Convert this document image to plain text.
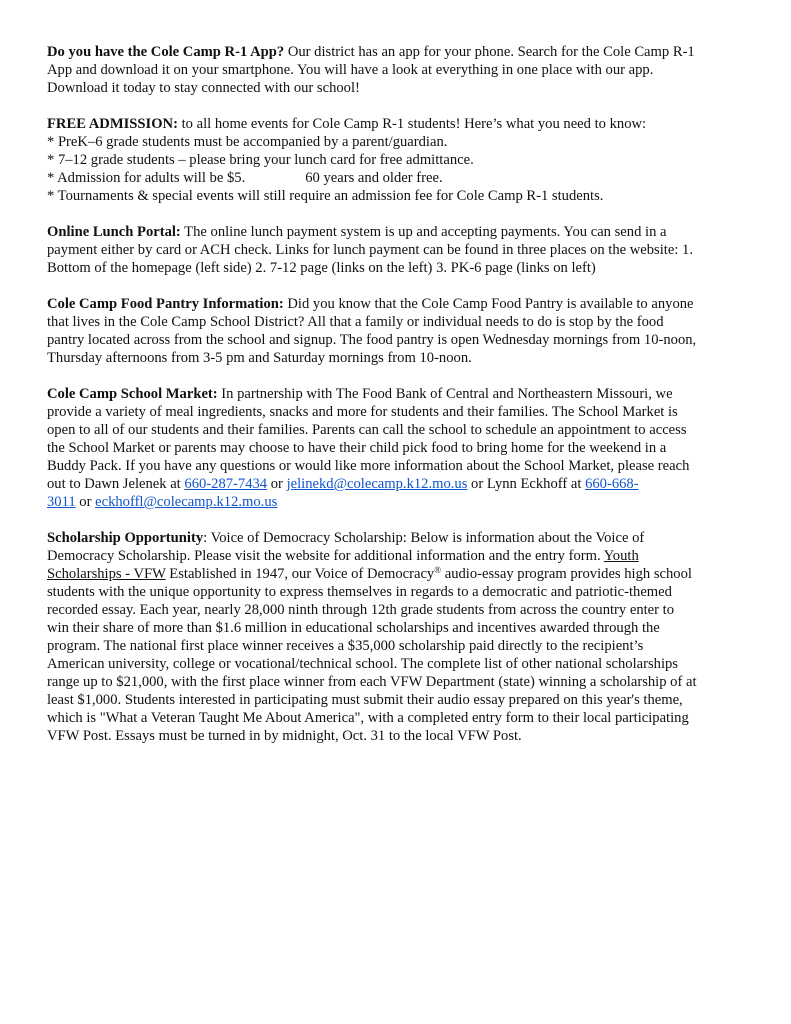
Do you have the Cole Camp R-1 App? Our district has an app for your phone. Search for the Cole Camp R-1
App and download it on your smartphone. You will have a look at everything in one place with our app.
Download it today to stay connected with our school!
FREE ADMISSION: to all home events for Cole Camp R-1 students! Here’s what you need to know:
* PreK–6 grade students must be accompanied by a parent/guardian.
* 7–12 grade students – please bring your lunch card for free admittance.
* Admission for adults will be $5.	60 years and older free.
* Tournaments & special events will still require an admission fee for Cole Camp R-1 students.
Online Lunch Portal: The online lunch payment system is up and accepting payments. You can send in a
payment either by card or ACH check. Links for lunch payment can be found in three places on the website: 1.
Bottom of the homepage (left side) 2. 7-12 page (links on the left) 3. PK-6 page (links on left)
Cole Camp Food Pantry Information: Did you know that the Cole Camp Food Pantry is available to anyone
that lives in the Cole Camp School District? All that a family or individual needs to do is stop by the food
pantry located across from the school and signup. The food pantry is open Wednesday mornings from 10-noon,
Thursday afternoons from 3-5 pm and Saturday mornings from 10-noon.
Cole Camp School Market: In partnership with The Food Bank of Central and Northeastern Missouri, we
provide a variety of meal ingredients, snacks and more for students and their families. The School Market is
open to all of our students and their families. Parents can call the school to schedule an appointment to access
the School Market or parents may choose to have their child pick food to bring home for the weekend in a
Buddy Pack. If you have any questions or would like more information about the School Market, please reach
out to Dawn Jelenek at 660-287-7434 or jelinekd@colecamp.k12.mo.us or Lynn Eckhoff at 660-668-
3011 or eckhoffl@colecamp.k12.mo.us
Scholarship Opportunity: Voice of Democracy Scholarship: Below is information about the Voice of
Democracy Scholarship. Please visit the website for additional information and the entry form. Youth
Scholarships - VFW Established in 1947, our Voice of Democracy® audio-essay program provides high school
students with the unique opportunity to express themselves in regards to a democratic and patriotic-themed
recorded essay. Each year, nearly 28,000 ninth through 12th grade students from across the country enter to
win their share of more than $1.6 million in educational scholarships and incentives awarded through the
program. The national first place winner receives a $35,000 scholarship paid directly to the recipient’s
American university, college or vocational/technical school. The complete list of other national scholarships
range up to $21,000, with the first place winner from each VFW Department (state) winning a scholarship of at
least $1,000. Students interested in participating must submit their audio essay prepared on this year's theme,
which is "What a Veteran Taught Me About America", with a completed entry form to their local participating
VFW Post. Essays must be turned in by midnight, Oct. 31 to the local VFW Post.
